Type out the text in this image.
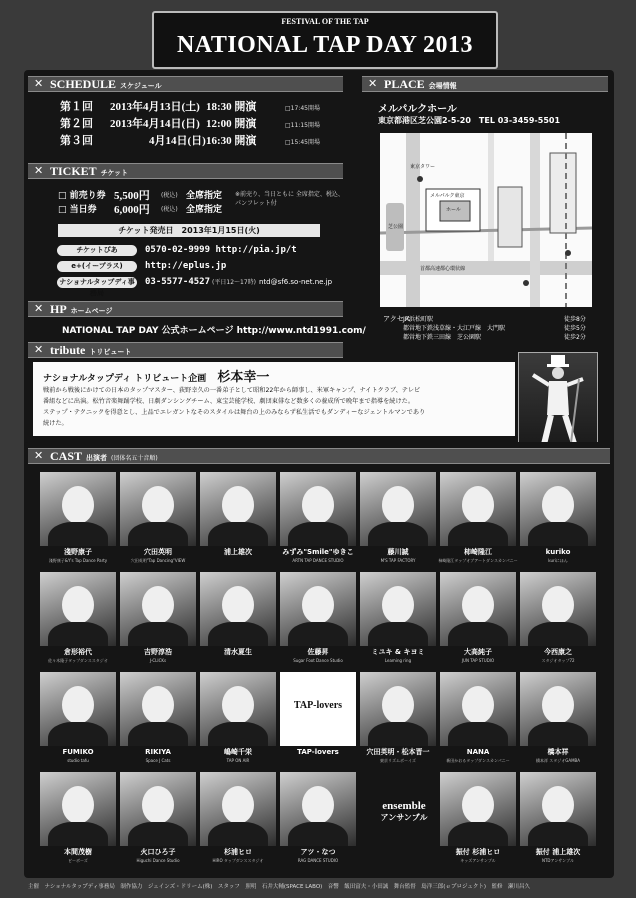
FESTIVAL OF THE TAP
NATIONAL TAP DAY 2013
✕ SCHEDULE スケジュール
第１回 2013年4月13日(土) 18:30 開演	□17:45開場
第２回 2013年4月14日(日) 12:00 開演	□11:15開場
第３回	4月14日(日) 16:30 開演	□15:45開場
✕ TICKET チケット
□ 前売り券 5,500円 (税込) 全席指定
□ 当日券 6,000円 (税込) 全席指定
※前売り、当日ともに 全席指定、税込、パンフレット付
チケット発売日　2013年1月15日(火)
チケットぴあ	0570-02-9999 http://pia.jp/t
e+(イープラス)	http://eplus.jp
ナショナルタップディ事務局
03-5577-4527 (平日12〜17時) ntd@sf6.so-net.ne.jp
✕ HP ホームページ
NATIONAL TAP DAY 公式ホームページ http://www.ntd1991.com/
✕ tribute トリビュート
✕ PLACE 会場情報
メルパルクホール
東京都港区芝公園2-5-20　TEL 03-3459-5501
メルパルク東京
ホール
芝公園
首都高速都心環状線
東京タワー
アクセス
JR浜松町駅	徒歩8分
都営地下鉄浅草線・大江戸線　大門駅	徒歩5分
都営地下鉄三田線　芝公園駅	徒歩2分
ナショナルタップディ トリビュート企画 杉本幸一
戦前から戦後にかけての日本のタップマスター、荻野幸久の一番弟子として昭和22年から師事し、米軍キャンプ、ナイトクラブ、テレビ
番組などに出演。松竹音楽舞踊学校、日劇ダンシングチーム、東宝芸能学校、劇団東俳など数多くの養成所で晩年まで指導を続けた。
ステップ・テクニックを得意とし、上品でエレガントなそのスタイルは舞台の上のみならず私生活でもダンディーなジェントルマンであり
続けた。
✕ CAST 出演者 (団体名五十音順)
淺野康子
淺野康子&Y's Tap Dance Party
穴田英明
穴田英明"Tap Dancing"VIEW
浦上雄次	みずみ"Smile"ゆきこ
ARTN TAP DANCE STUDIO
藤川誠
M'S TAP FACTORY
柿崎隆江
柿崎隆江タップオブアートダンスカンパニー
kuriko
kuriにほん
倉形裕代
佐々木隆子タップダンススタジオ
吉野淳浩
J-CLICKs
清水夏生	佐藤昇
Sugar Foot Dance Studio
ミユキ & キヨミ
Leaming ring
大高純子
JUN TAP STUDIO
今西康之
スタジオタップ72
FUMIKO
studio tafu
RIKIYA
Space J Cats
嶋崎千栄
TAP ON AIR
TAP-lovers
TAP-lovers	穴田英明・松本晋一
東京リズムボーイズ
NANA
新田かおるタップダンスカンパニー
橋本祥
橋本祥 スタジオGAMBA
本間茂樹
ビーボーズ
火口ひろ子
Higuchi Dance Studio
杉浦ヒロ
HIRO タップダンススタジオ
アツ・なつ
RAG DANCE STUDIO
ensemble
アンサンブル
振付 杉浦ヒロ
キッズアンサンブル
振付 浦上雄次
NTDアンサンブル
主催　ナショナルタップディ事務局　制作協力　ジェインズ・ドリーム(株)　スタッフ　照明　石井大輔(SPACE LABO)　音響　飯田富夫・小田誠　舞台監督　島洋三郎(ｅプロジェクト)　監修　瀬川昌久
